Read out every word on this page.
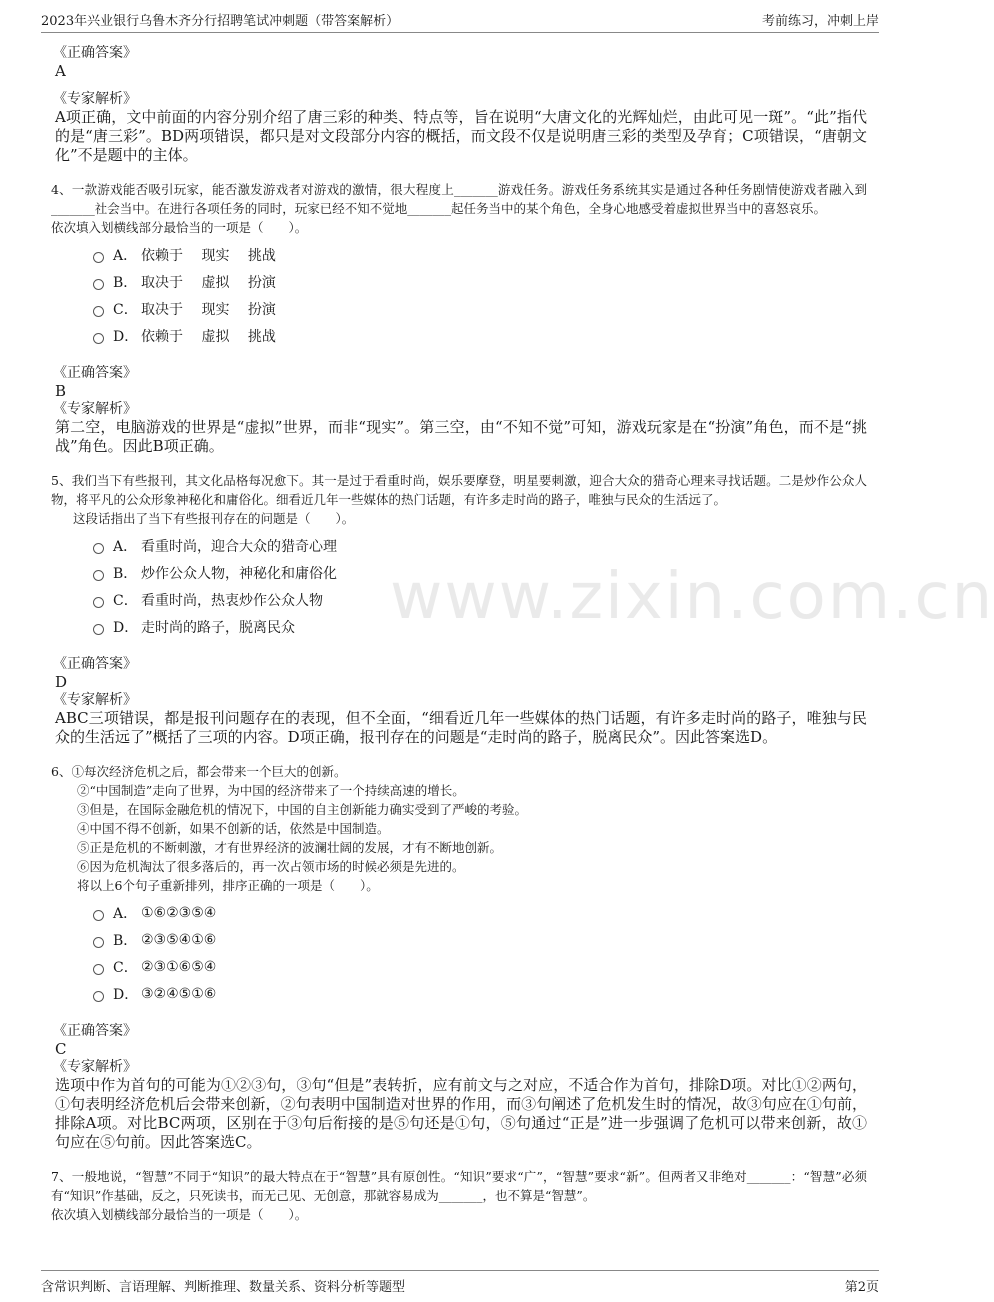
2023年兴业银行乌鲁木齐分行招聘笔试冲刺题（带答案解析）	考前练习，冲刺上岸
www.zixin.com.cn

《正确答案》

A

《专家解析》

A项正确，文中前面的内容分别介绍了唐三彩的种类、特点等，旨在说明“大唐文化的光辉灿烂，由此可见一斑”。“此”指代的是“唐三彩”。BD两项错误，都只是对文段部分内容的概括，而文段不仅是说明唐三彩的类型及孕育；C项错误，“唐朝文化”不是题中的主体。

4、一款游戏能否吸引玩家，能否激发游戏者对游戏的激情，很大程度上_______游戏任务。游戏任务系统其实是通过各种任务剧情使游戏者融入到_______社会当中。在进行各项任务的同时，玩家已经不知不觉地_______起任务当中的某个角色，全身心地感受着虚拟世界当中的喜怒哀乐。

依次填入划横线部分最恰当的一项是（　　）。

A． 依赖于　 现实　 挑战
B． 取决于　 虚拟　 扮演
C． 取决于　 现实　 扮演
D． 依赖于　 虚拟　 挑战

《正确答案》

B

《专家解析》

第二空，电脑游戏的世界是“虚拟”世界，而非“现实”。第三空，由“不知不觉”可知，游戏玩家是在“扮演”角色，而不是“挑战”角色。因此B项正确。

5、我们当下有些报刊，其文化品格每况愈下。其一是过于看重时尚，娱乐要摩登，明星要刺激，迎合大众的猎奇心理来寻找话题。二是炒作公众人物，将平凡的公众形象神秘化和庸俗化。细看近几年一些媒体的热门话题，有许多走时尚的路子，唯独与民众的生活远了。

这段话指出了当下有些报刊存在的问题是（　　）。

A． 看重时尚，迎合大众的猎奇心理
B． 炒作公众人物，神秘化和庸俗化
C． 看重时尚，热衷炒作公众人物
D． 走时尚的路子，脱离民众

《正确答案》

D

《专家解析》

ABC三项错误，都是报刊问题存在的表现，但不全面，“细看近几年一些媒体的热门话题，有许多走时尚的路子，唯独与民众的生活远了”概括了三项的内容。D项正确，报刊存在的问题是“走时尚的路子，脱离民众”。因此答案选D。

6、①每次经济危机之后，都会带来一个巨大的创新。

②“中国制造”走向了世界，为中国的经济带来了一个持续高速的增长。

③但是，在国际金融危机的情况下，中国的自主创新能力确实受到了严峻的考验。

④中国不得不创新，如果不创新的话，依然是中国制造。

⑤正是危机的不断刺激，才有世界经济的波澜壮阔的发展，才有不断地创新。

⑥因为危机淘汰了很多落后的，再一次占领市场的时候必须是先进的。

将以上6个句子重新排列，排序正确的一项是（　　）。

A． ①⑥②③⑤④
B． ②③⑤④①⑥
C． ②③①⑥⑤④
D． ③②④⑤①⑥

《正确答案》

C

《专家解析》

选项中作为首句的可能为①②③句，③句“但是”表转折，应有前文与之对应，不适合作为首句，排除D项。对比①②两句，①句表明经济危机后会带来创新，②句表明中国制造对世界的作用，而③句阐述了危机发生时的情况，故③句应在①句前，排除A项。对比BC两项，区别在于③句后衔接的是⑤句还是①句，⑤句通过“正是”进一步强调了危机可以带来创新，故①句应在⑤句前。因此答案选C。

7、一般地说，“智慧”不同于“知识”的最大特点在于“智慧”具有原创性。“知识”要求“广”，“智慧”要求“新”。但两者又非绝对_______：“智慧”必须有“知识”作基础，反之，只死读书，而无己见、无创意，那就容易成为_______，也不算是“智慧”。

依次填入划横线部分最恰当的一项是（　　）。

含常识判断、言语理解、判断推理、数量关系、资料分析等题型	第2页
